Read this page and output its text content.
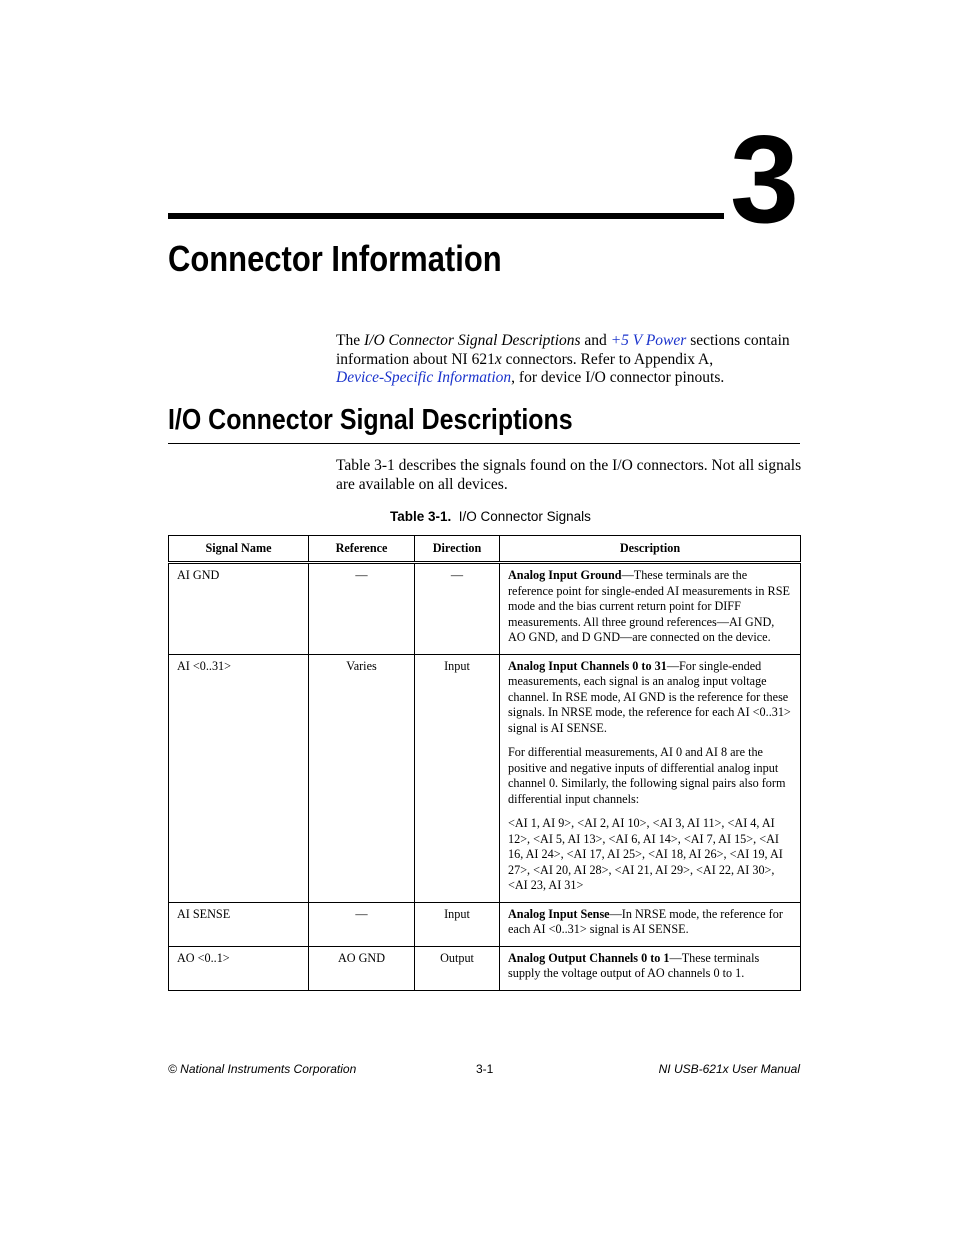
3
Connector Information
The I/O Connector Signal Descriptions and +5 V Power sections contain information about NI 621x connectors. Refer to Appendix A,
Device-Specific Information, for device I/O connector pinouts.
I/O Connector Signal Descriptions
Table 3-1 describes the signals found on the I/O connectors. Not all signals are available on all devices.
Table 3-1. I/O Connector Signals
Signal Name	Reference	Direction	Description
AI GND	—	—	Analog Input Ground—These terminals are the reference point for single-ended AI measurements in RSE mode and the bias current return point for DIFF measurements. All three ground references—AI GND, AO GND, and D GND—are connected on the device.
AI <0..31>	Varies	Input	Analog Input Channels 0 to 31—For single-ended measurements, each signal is an analog input voltage channel. In RSE mode, AI GND is the reference for these signals. In NRSE mode, the reference for each AI <0..31> signal is AI SENSE.

For differential measurements, AI 0 and AI 8 are the positive and negative inputs of differential analog input channel 0. Similarly, the following signal pairs also form differential input channels:

<AI 1, AI 9>, <AI 2, AI 10>, <AI 3, AI 11>, <AI 4, AI 12>, <AI 5, AI 13>, <AI 6, AI 14>, <AI 7, AI 15>, <AI 16, AI 24>, <AI 17, AI 25>, <AI 18, AI 26>, <AI 19, AI 27>, <AI 20, AI 28>, <AI 21, AI 29>, <AI 22, AI 30>, <AI 23, AI 31>

AI SENSE	—	Input	Analog Input Sense—In NRSE mode, the reference for each AI <0..31> signal is AI SENSE.
AO <0..1>	AO GND	Output	Analog Output Channels 0 to 1—These terminals supply the voltage output of AO channels 0 to 1.
© National Instruments Corporation	3-1	NI USB-621x User Manual
